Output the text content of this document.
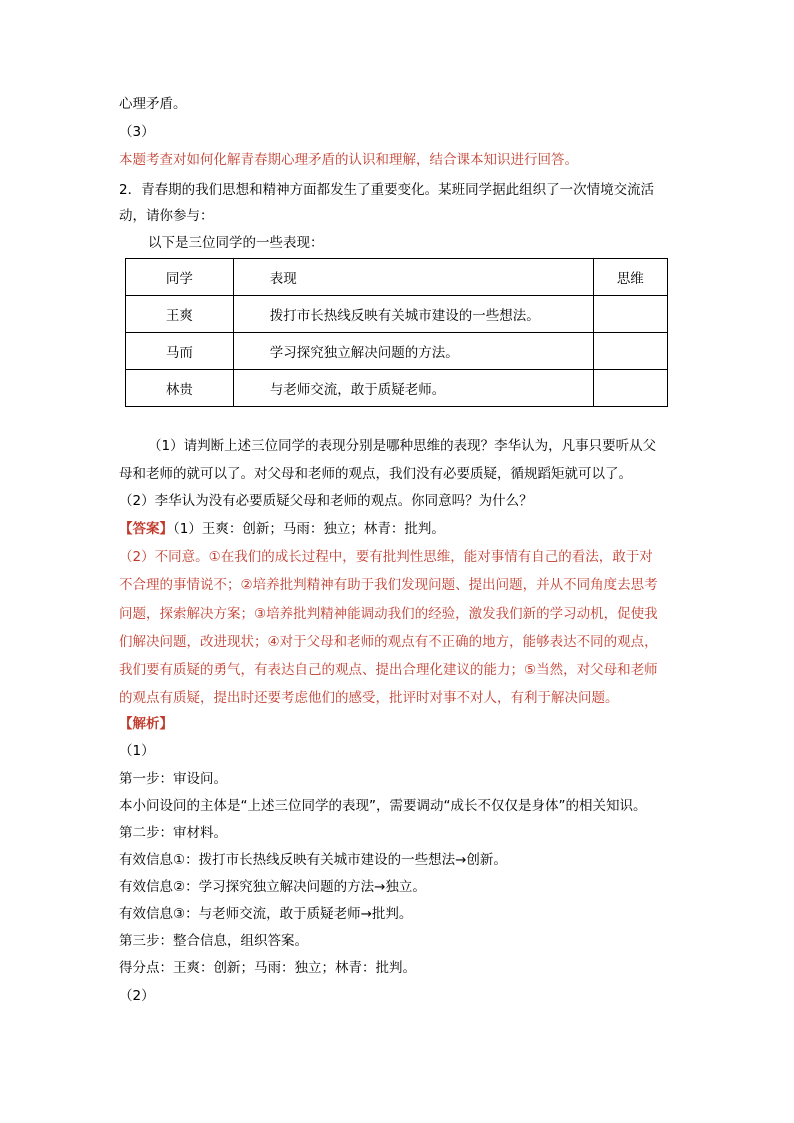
心理矛盾。
（3）
本题考查对如何化解青春期心理矛盾的认识和理解，结合课本知识进行回答。
2．青春期的我们思想和精神方面都发生了重要变化。某班同学据此组织了一次情境交流活
动，请你参与：
以下是三位同学的一些表现：
同学	表现	思维
王爽	拨打市长热线反映有关城市建设的一些想法。	
马而	学习探究独立解决问题的方法。	
林贵	与老师交流，敢于质疑老师。	
（1）请判断上述三位同学的表现分别是哪种思维的表现？李华认为，凡事只要听从父
母和老师的就可以了。对父母和老师的观点，我们没有必要质疑，循规蹈矩就可以了。
（2）李华认为没有必要质疑父母和老师的观点。你同意吗？为什么？
【答案】（1）王爽：创新；马雨：独立；林青：批判。
（2）不同意。①在我们的成长过程中，要有批判性思维，能对事情有自己的看法，敢于对
不合理的事情说不；②培养批判精神有助于我们发现问题、提出问题，并从不同角度去思考
问题，探索解决方案；③培养批判精神能调动我们的经验，激发我们新的学习动机，促使我
们解决问题，改进现状；④对于父母和老师的观点有不正确的地方，能够表达不同的观点，
我们要有质疑的勇气，有表达自己的观点、提出合理化建议的能力；⑤当然，对父母和老师
的观点有质疑，提出时还要考虑他们的感受，批评时对事不对人，有利于解决问题。
【解析】
（1）
第一步：审设问。
本小问设问的主体是“上述三位同学的表现”，需要调动“成长不仅仅是身体”的相关知识。
第二步：审材料。
有效信息①：拨打市长热线反映有关城市建设的一些想法→创新。
有效信息②：学习探究独立解决问题的方法→独立。
有效信息③：与老师交流，敢于质疑老师→批判。
第三步：整合信息，组织答案。
得分点：王爽：创新；马雨：独立；林青：批判。
（2）
